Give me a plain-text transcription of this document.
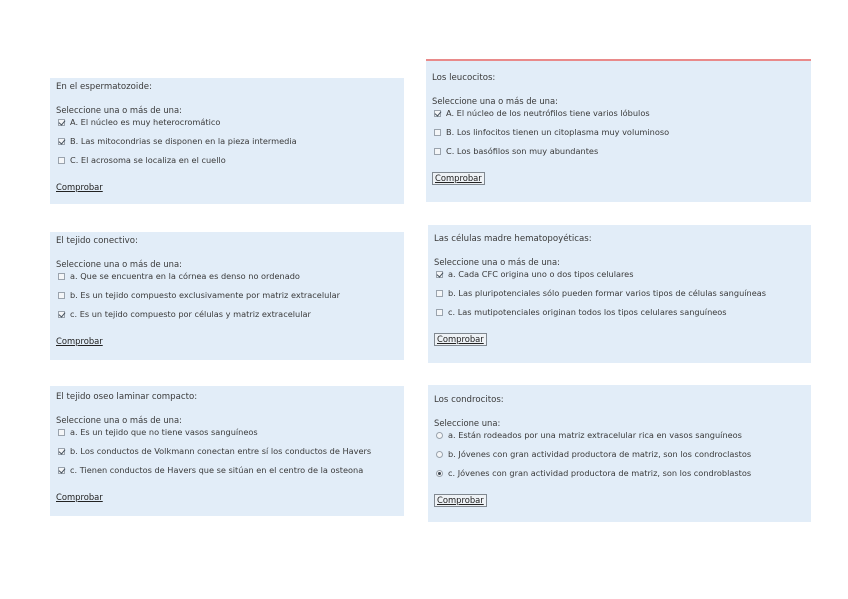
En el espermatozoide:
Seleccione una o más de una:
A. El núcleo es muy heterocromático
B. Las mitocondrias se disponen en la pieza intermedia
C. El acrosoma se localiza en el cuello
Comprobar
Los leucocitos:
Seleccione una o más de una:
A. El núcleo de los neutrófilos tiene varios lóbulos
B. Los linfocitos tienen un citoplasma muy voluminoso
C. Los basófilos son muy abundantes
Comprobar
El tejido conectivo:
Seleccione una o más de una:
a. Que se encuentra en la córnea es denso no ordenado
b. Es un tejido compuesto exclusivamente por matriz extracelular
c. Es un tejido compuesto por células y matriz extracelular
Comprobar
Las células madre hematopoyéticas:
Seleccione una o más de una:
a. Cada CFC origina uno o dos tipos celulares
b. Las pluripotenciales sólo pueden formar varios tipos de células sanguíneas
c. Las mutipotenciales originan todos los tipos celulares sanguíneos
Comprobar
El tejido oseo laminar compacto:
Seleccione una o más de una:
a. Es un tejido que no tiene vasos sanguíneos
b. Los conductos de Volkmann conectan entre sí los conductos de Havers
c. Tienen conductos de Havers que se sitúan en el centro de la osteona
Comprobar
Los condrocitos:
Seleccione una:
a. Están rodeados por una matriz extracelular rica en vasos sanguíneos
b. Jóvenes con gran actividad productora de matriz, son los condroclastos
c. Jóvenes con gran actividad productora de matriz, son los condroblastos
Comprobar
